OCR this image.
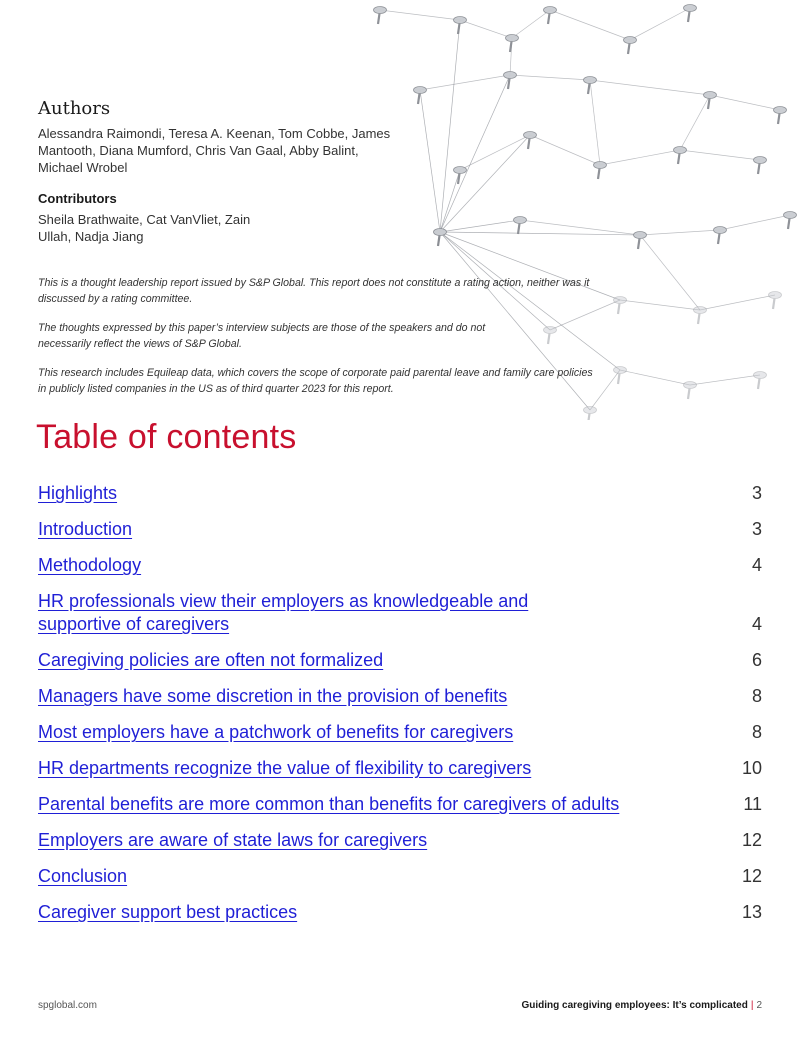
Authors
Alessandra Raimondi, Teresa A. Keenan, Tom Cobbe, James Mantooth, Diana Mumford, Chris Van Gaal, Abby Balint, Michael Wrobel
Contributors
Sheila Brathwaite, Cat VanVliet, Zain Ullah, Nadja Jiang

This is a thought leadership report issued by S&P Global. This report does not constitute a rating action, neither was it discussed by a rating committee.

The thoughts expressed by this paper’s interview subjects are those of the speakers and do not necessarily reflect the views of S&P Global.

This research includes Equileap data, which covers the scope of corporate paid parental leave and family care policies in publicly listed companies in the US as of third quarter 2023 for this report.

Table of contents
Highlights	3
Introduction	3
Methodology	4
HR professionals view their employers as knowledgeable and supportive of caregivers	4
Caregiving policies are often not formalized	6
Managers have some discretion in the provision of benefits	8
Most employers have a patchwork of benefits for caregivers	8
HR departments recognize the value of flexibility to caregivers	10
Parental benefits are more common than benefits for caregivers of adults	11
Employers are aware of state laws for caregivers	12
Conclusion	12
Caregiver support best practices	13
spglobal.com	Guiding caregiving employees: It’s complicated | 2
